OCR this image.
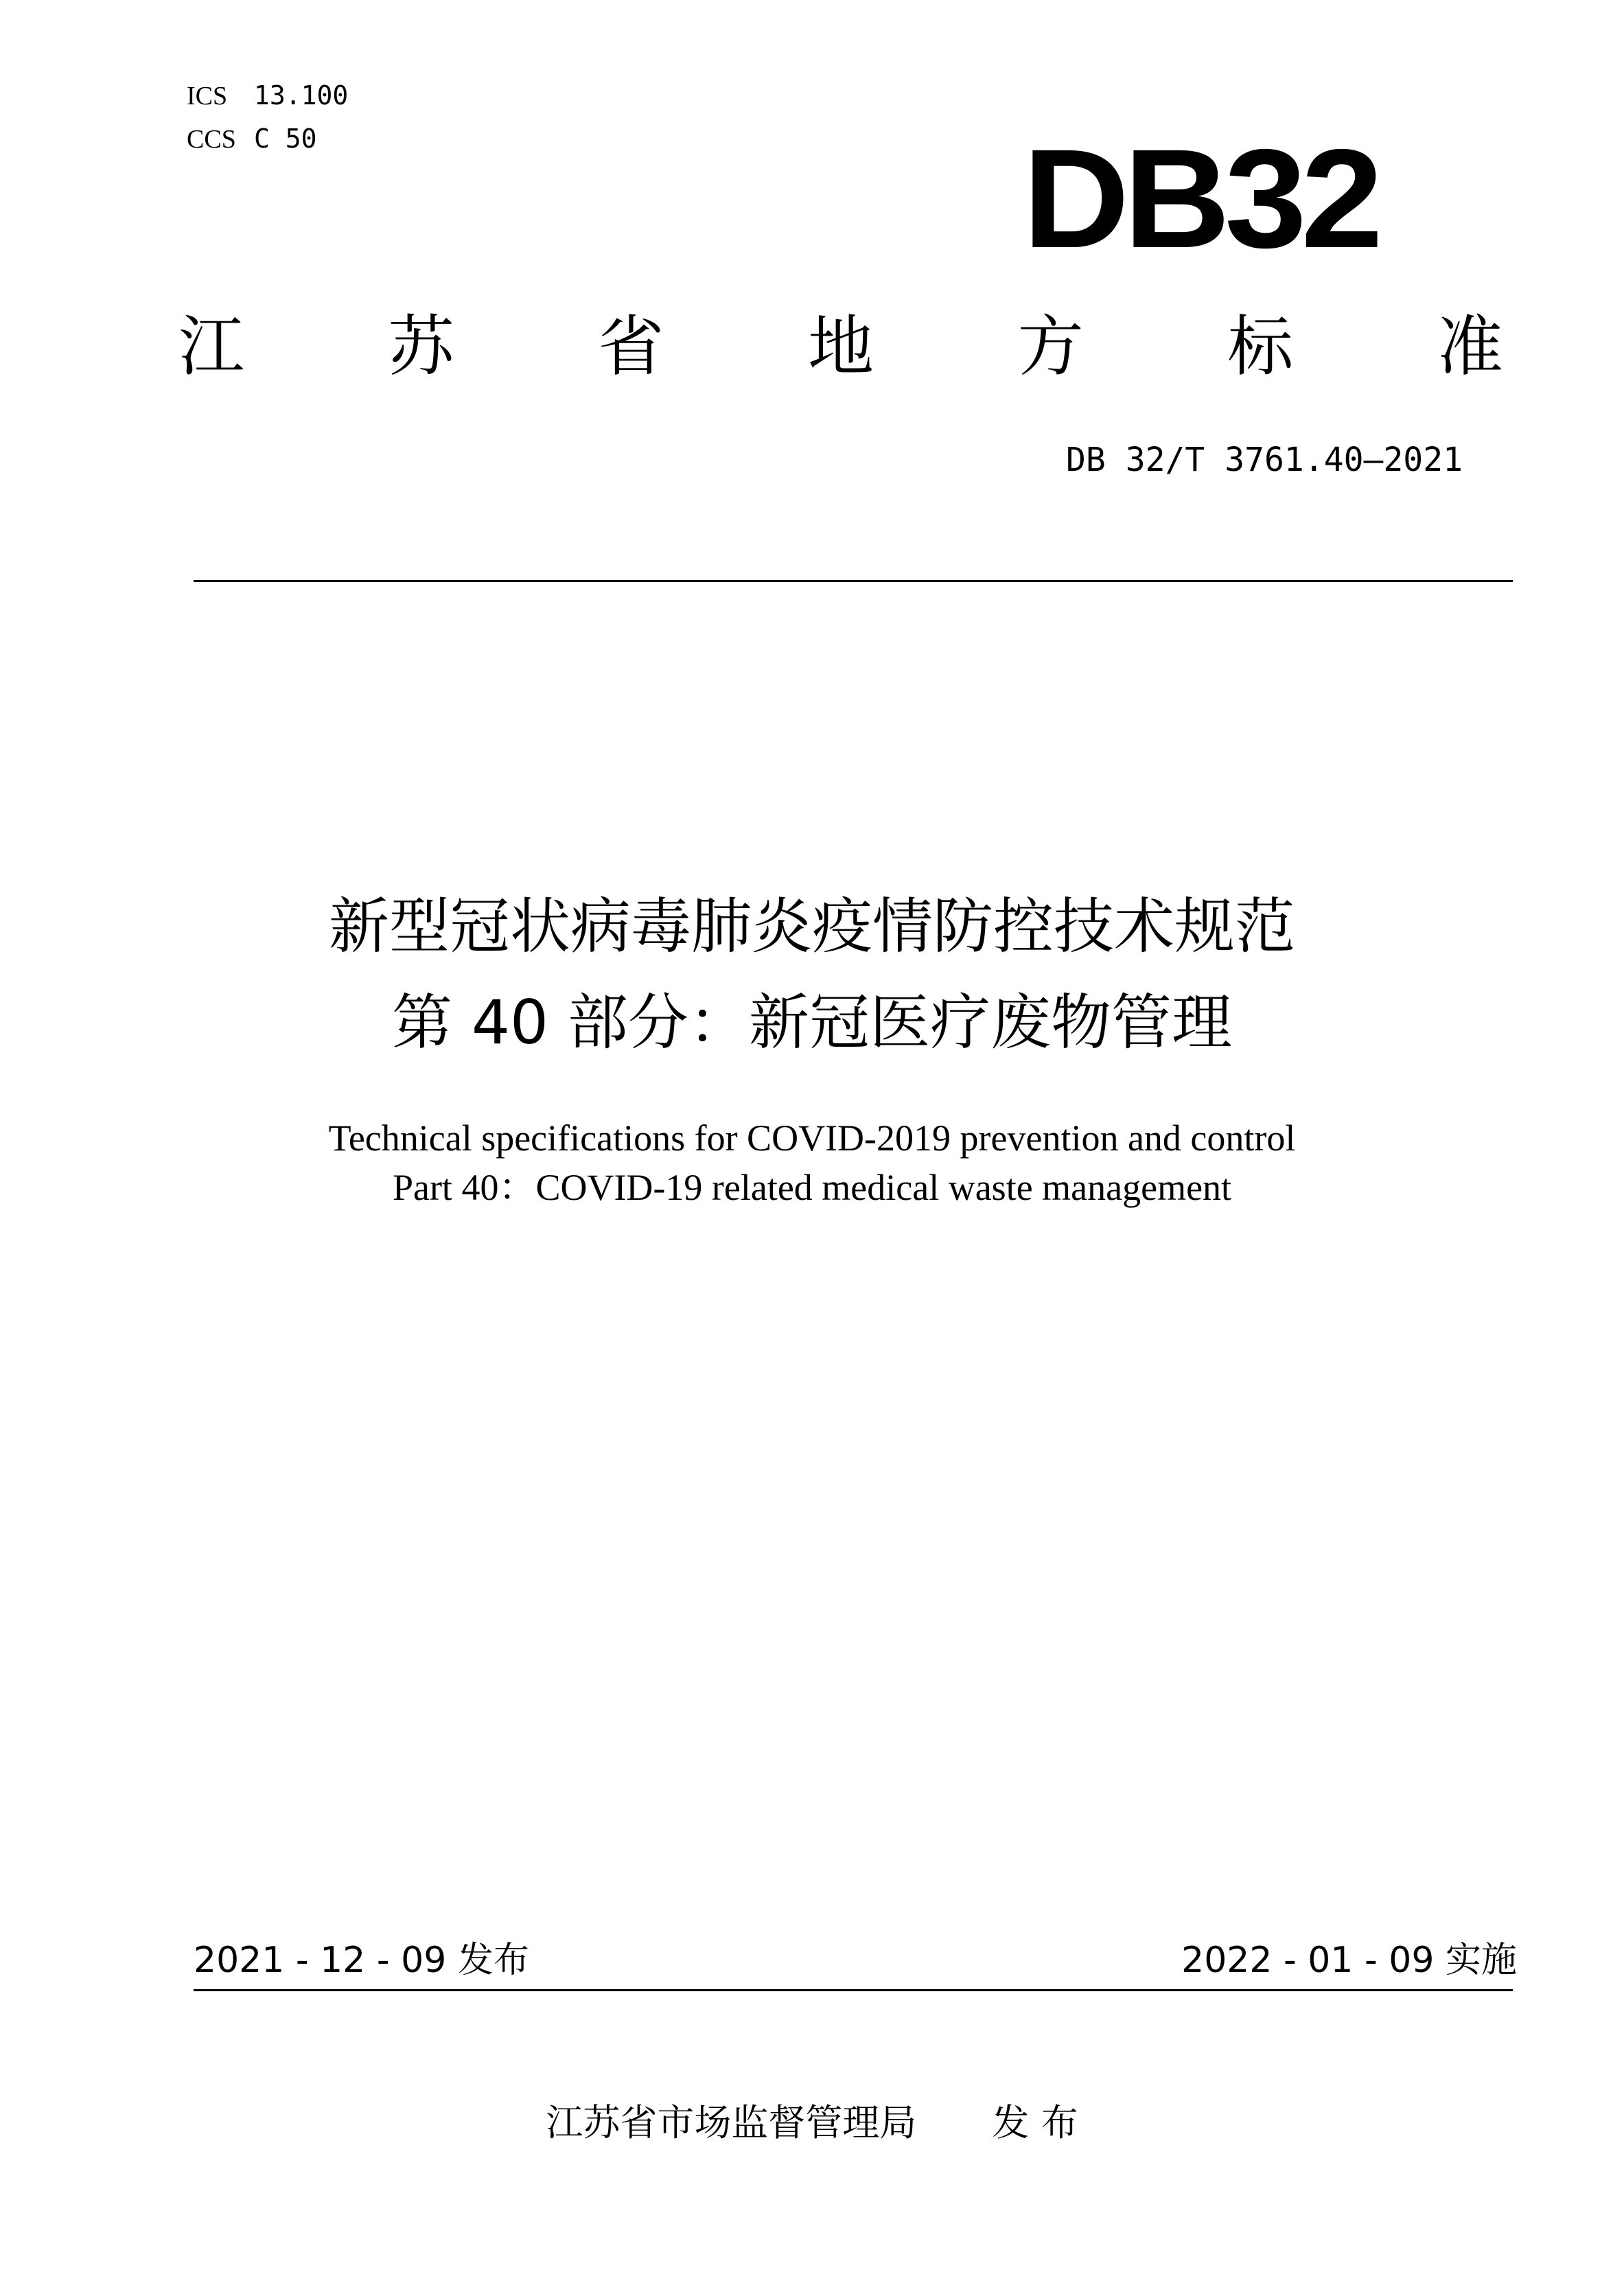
ICS 13.100
CCS C 50	DB32
江 苏 省 地 方 标 准
DB 32/T 3761.40—2021
新型冠状病毒肺炎疫情防控技术规范
第 40 部分：新冠医疗废物管理
Technical specifications for COVID-2019 prevention and control
Part 40：COVID-19 related medical waste management
2021 - 12 - 09 发布	2022 - 01 - 09 实施
江苏省市场监督管理局 发 布
